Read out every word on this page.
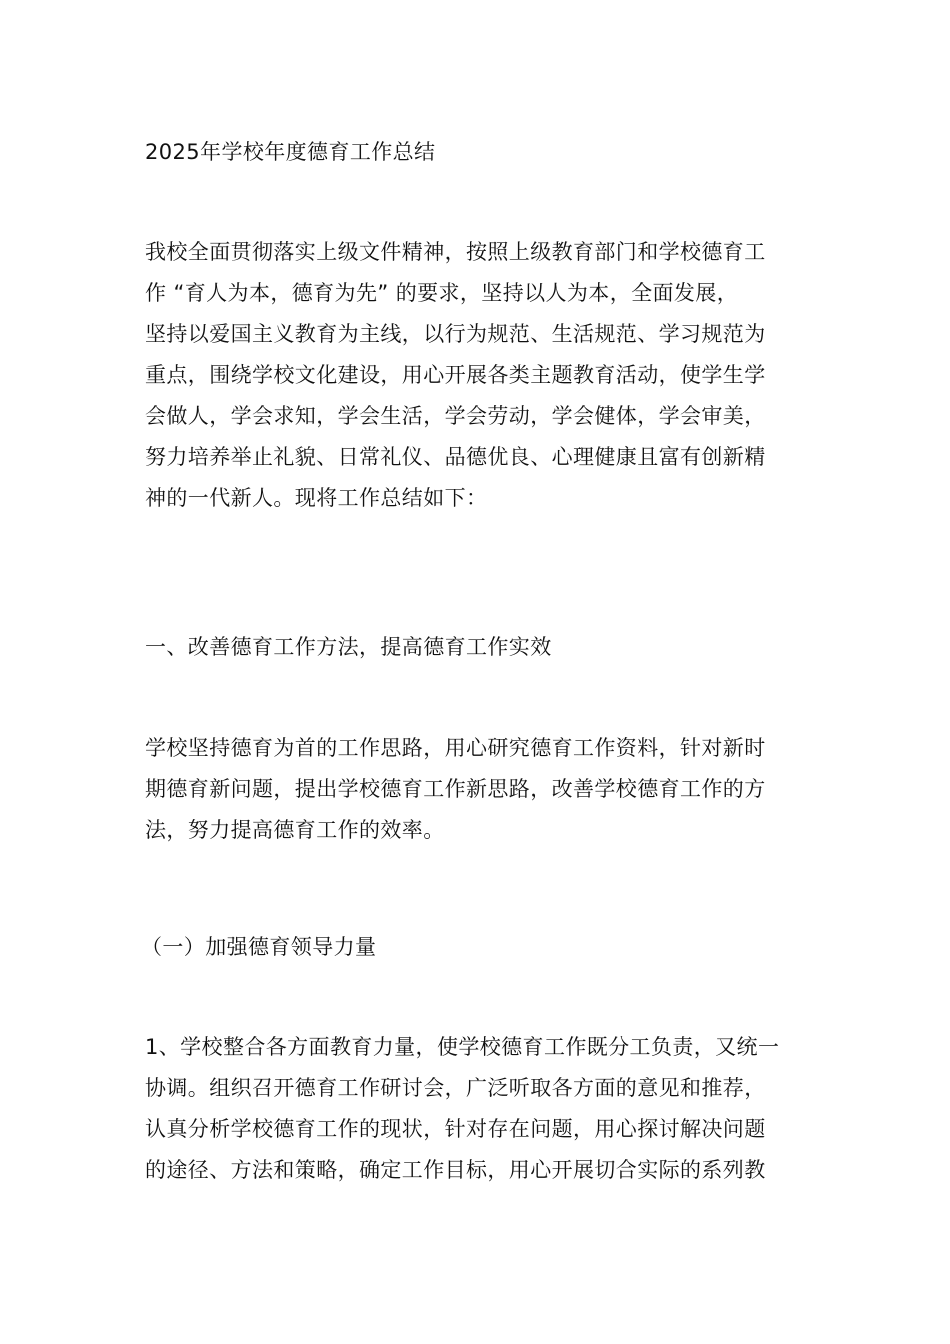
2025年学校年度德育工作总结

我校全面贯彻落实上级文件精神，按照上级教育部门和学校德育工
作 “育人为本，德育为先” 的要求，坚持以人为本，全面发展，
坚持以爱国主义教育为主线，以行为规范、生活规范、学习规范为
重点，围绕学校文化建设，用心开展各类主题教育活动，使学生学
会做人，学会求知，学会生活，学会劳动，学会健体，学会审美，
努力培养举止礼貌、日常礼仪、品德优良、心理健康且富有创新精
神的一代新人。现将工作总结如下：

一、改善德育工作方法，提高德育工作实效

学校坚持德育为首的工作思路，用心研究德育工作资料，针对新时
期德育新问题，提出学校德育工作新思路，改善学校德育工作的方
法，努力提高德育工作的效率。

（一）加强德育领导力量

1、学校整合各方面教育力量，使学校德育工作既分工负责，又统一
协调。组织召开德育工作研讨会，广泛听取各方面的意见和推荐，
认真分析学校德育工作的现状，针对存在问题，用心探讨解决问题
的途径、方法和策略，确定工作目标，用心开展切合实际的系列教
